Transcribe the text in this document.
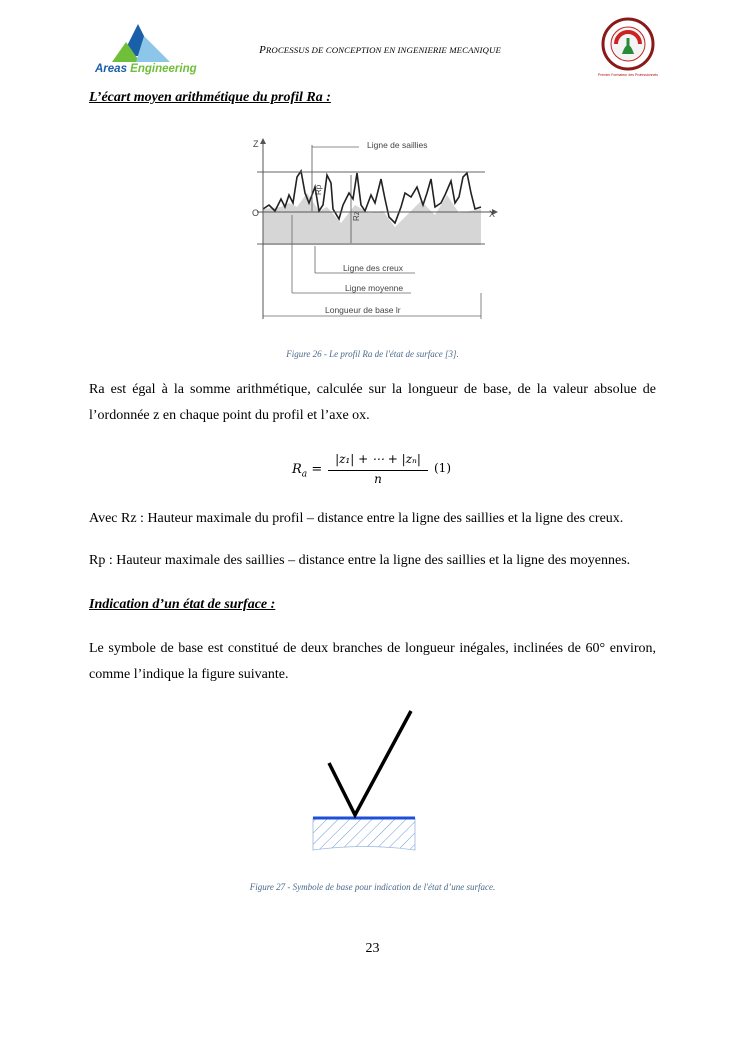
Areas Engineering
PROCESSUS DE CONCEPTION EN INGENIERIE MECANIQUE
Premier Formateur des Professionnels
L’écart moyen arithmétique du profil Ra :
Z
X
O
Rp
Rz
Ligne de saillies
Ligne des creux
Ligne moyenne
Longueur de base lr
Figure 26 - Le profil Ra de l'état de surface [3].
Ra est égal à la somme arithmétique, calculée sur la longueur de base, de la valeur absolue de l’ordonnée z en chaque point du profil et l’axe ox.
$R_a$ =
|z₁| + ⋯ + |zₙ|
n
(1)
Avec Rz : Hauteur maximale du profil – distance entre la ligne des saillies et la ligne des creux.
Rp : Hauteur maximale des saillies – distance entre la ligne des saillies et la ligne des moyennes.
Indication d’un état de surface :
Le symbole de base est constitué de deux branches de longueur inégales, inclinées de 60° environ, comme l’indique la figure suivante.
Figure 27 - Symbole de base pour indication de l'état d’une surface.
23
